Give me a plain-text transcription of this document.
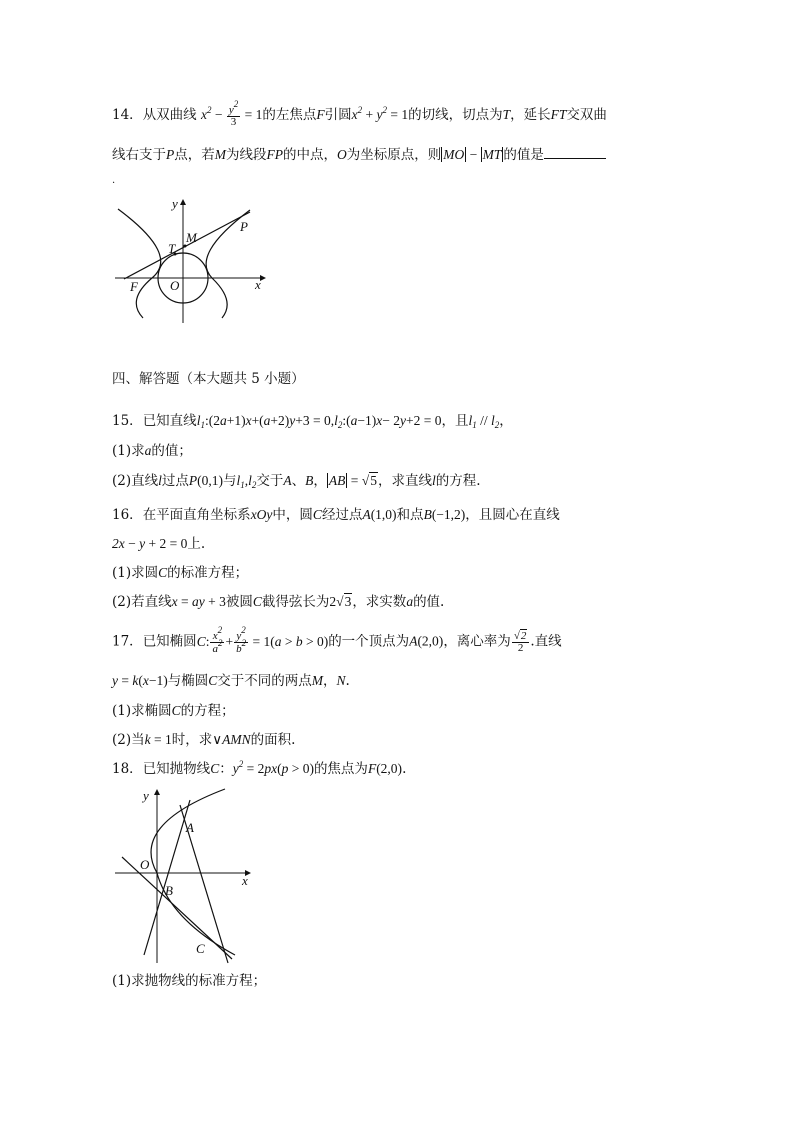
14．从双曲线 $x^2 - \frac{y^2}{3} = 1$的左焦点F引圆$x^2 + y^2 = 1$的切线，切点为T，延长FT交双曲
线右支于P点，若M为线段FP的中点，O为坐标原点，则 MO − MT 的值是
.
y
M
P
T
F O	x
四、解答题（本大题共 5 小题）
15．已知直线$l_1:(2a+1)x+(a+2)y+3$ = $0,l_2:(a-1)x- 2y+2 = 0$，且$l_1 // l_2$，
(1)求a的值；
(2)直线l过点P(0,1)与$l_1,l_2$交于A、B， AB = √5，求直线l的方程.
16．在平面直角坐标系xOy中，圆C经过点A(1,0)和点B(−1,2)，且圆心在直线
2x − y + 2 = 0上.
(1)求圆C的标准方程；
(2)若直线x = ay + 3被圆C截得弦长为2√3，求实数a的值.
17．已知椭圆C: $\frac{x^2}{a^2} + \frac{y^2}{b^2} = 1(a > b > 0)$的一个顶点为A(2,0)，离心率为 $\frac{√2}{2}$ .直线
y = k(x−1)与椭圆C交于不同的两点M，N.
(1)求椭圆C的方程；
(2)当k = 1时，求∨AMN的面积.
18．已知抛物线C：$y^2 = 2px(p > 0)$的焦点为F(2,0).
y
A
O
B
x
C
(1)求抛物线的标准方程；
